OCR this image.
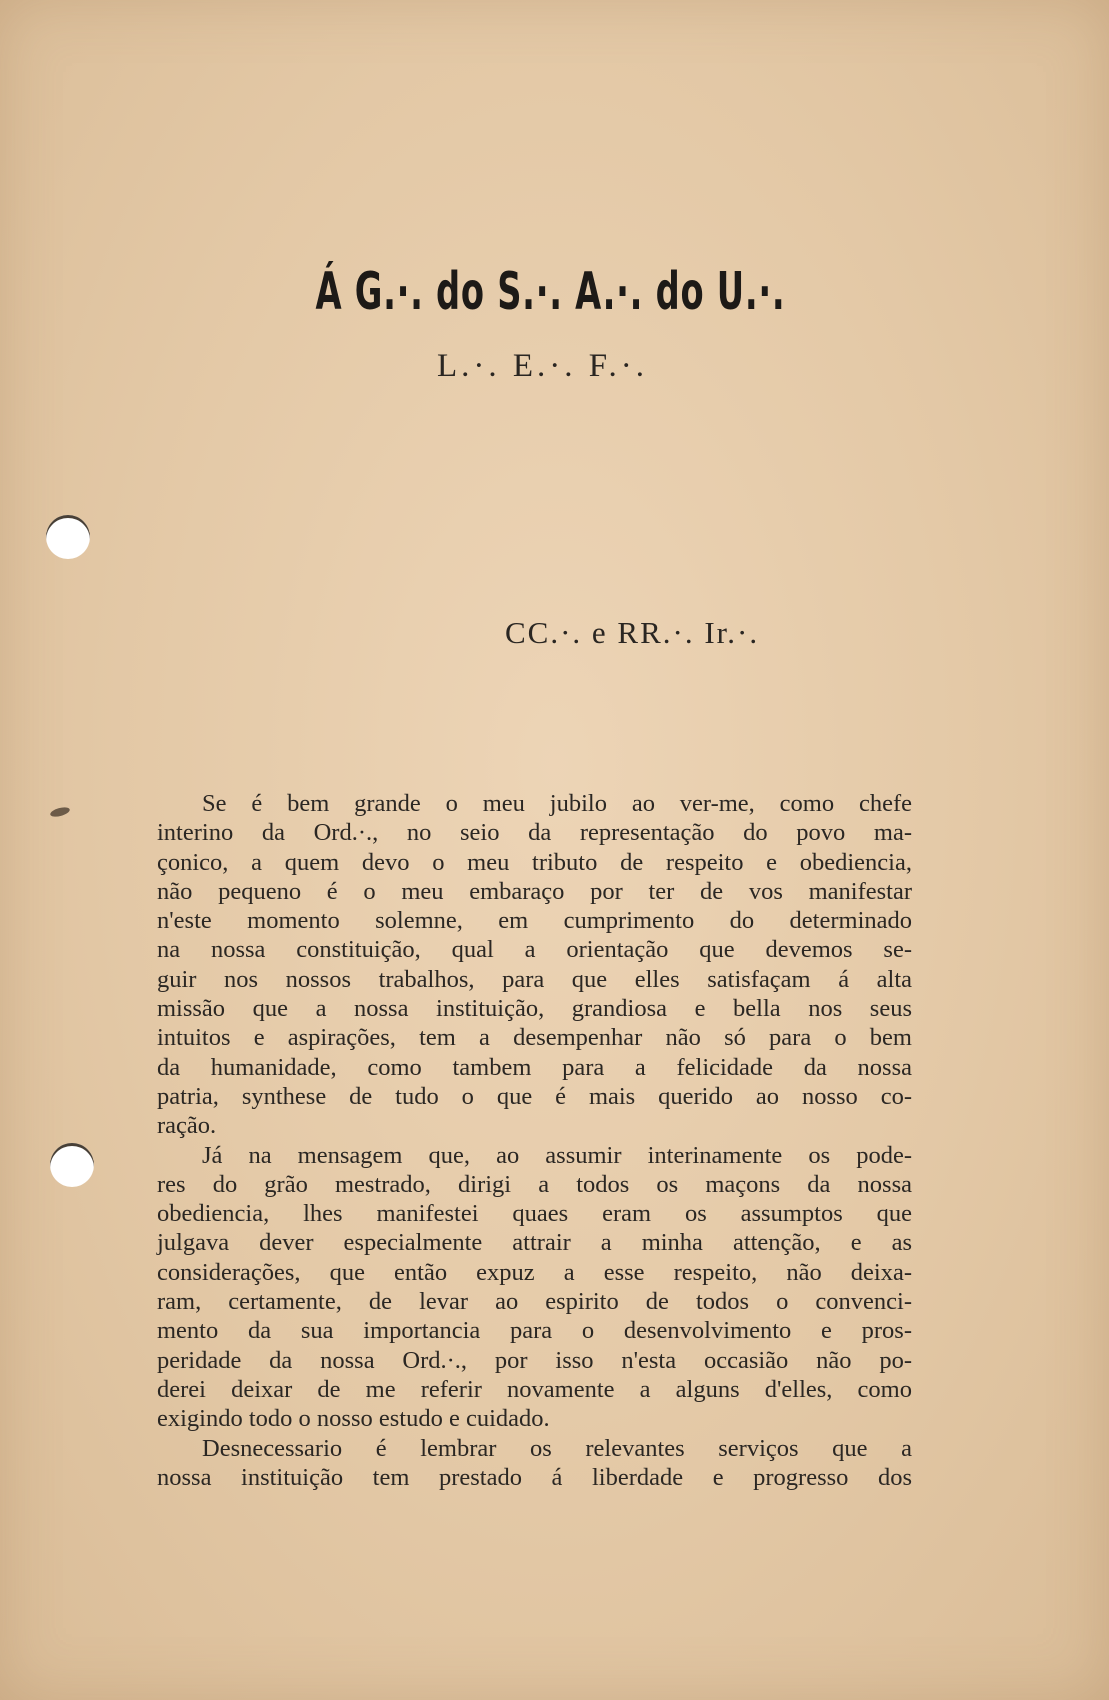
Á G.·. do S.·. A.·. do U.·.
L.·. E.·. F.·.
CC.·. e RR.·. Ir.·.
Se é bem grande o meu jubilo ao ver-me, como chefe
interino da Ord.·., no seio da representação do povo ma-
çonico, a quem devo o meu tributo de respeito e obediencia,
não pequeno é o meu embaraço por ter de vos manifestar
n'este momento solemne, em cumprimento do determinado
na nossa constituição, qual a orientação que devemos se-
guir nos nossos trabalhos, para que elles satisfaçam á alta
missão que a nossa instituição, grandiosa e bella nos seus
intuitos e aspirações, tem a desempenhar não só para o bem
da humanidade, como tambem para a felicidade da nossa
patria, synthese de tudo o que é mais querido ao nosso co-
ração.
Já na mensagem que, ao assumir interinamente os pode-
res do grão mestrado, dirigi a todos os maçons da nossa
obediencia, lhes manifestei quaes eram os assumptos que
julgava dever especialmente attrair a minha attenção, e as
considerações, que então expuz a esse respeito, não deixa-
ram, certamente, de levar ao espirito de todos o convenci-
mento da sua importancia para o desenvolvimento e pros-
peridade da nossa Ord.·., por isso n'esta occasião não po-
derei deixar de me referir novamente a alguns d'elles, como
exigindo todo o nosso estudo e cuidado.
Desnecessario é lembrar os relevantes serviços que a
nossa instituição tem prestado á liberdade e progresso dos
